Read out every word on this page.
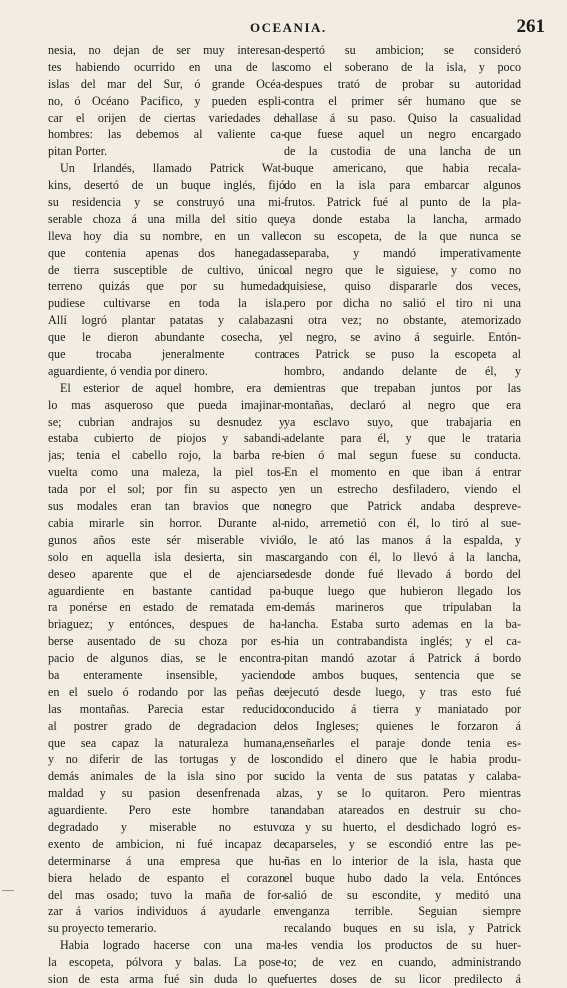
OCEANIA.	261
nesia, no dejan de ser muy interesan-
tes habiendo ocurrido en una de las
islas del mar del Sur, ó grande Océa-
no, ó Océano Pacifico, y pueden espli-
car el orijen de ciertas variedades de
hombres: las debemos al valiente ca-
pitan Porter.
Un Irlandés, llamado Patrick Wat-
kins, desertó de un buque inglés, fijó
su residencia y se construyó una mi-
serable choza á una milla del sitio que
lleva hoy dia su nombre, en un valle
que contenia apenas dos hanegadas
de tierra susceptible de cultivo, único
terreno quizás que por su humedad
pudiese cultivarse en toda la isla.
Allí logró plantar patatas y calabazas
que le dieron abundante cosecha, y
que trocaba jeneralmente contra
aguardiente, ó vendia por dinero.
El esterior de aquel hombre, era de
lo mas asqueroso que pueda imajinar-
se; cubrian andrajos su desnudez y
estaba cubierto de piojos y sabandi-
jas; tenia el cabello rojo, la barba re-
vuelta como una maleza, la piel tos-
tada por el sol; por fin su aspecto y
sus modales eran tan bravios que no
cabia mirarle sin horror. Durante al-
gunos años este sér miserable vivió
solo en aquella isla desierta, sin mas
deseo aparente que el de ajenciarse
aguardiente en bastante cantidad pa-
ra ponérse en estado de rematada em-
briaguez; y entónces, despues de ha-
berse ausentado de su choza por es-
pacio de algunos dias, se le encontra-
ba enteramente insensible, yaciendo
en el suelo ó rodando por las peñas de
las montañas. Parecia estar reducido
al postrer grado de degradacion de
que sea capaz la naturaleza humana,
y no diferir de las tortugas y de los
demás animales de la isla sino por su
maldad y su pasion desenfrenada al
aguardiente. Pero este hombre tan
degradado y miserable no estuvo
exento de ambicion, ni fué incapaz de
determinarse á una empresa que hu-
biera helado de espanto el corazon
del mas osado; tuvo la maña de for-
zar á varios individuos á ayudarle en
su proyecto temerario.
Habia logrado hacerse con una ma-
la escopeta, pólvora y balas. La pose-
sion de esta arma fué sin duda lo que
despertó su ambicion; se consideró
como el soberano de la isla, y poco
despues trató de probar su autoridad
contra el primer sér humano que se
hallase á su paso. Quiso la casualidad
que fuese aquel un negro encargado
de la custodia de una lancha de un
buque americano, que habia recala-
do en la isla para embarcar algunos
frutos. Patrick fué al punto de la pla-
ya donde estaba la lancha, armado
con su escopeta, de la que nunca se
separaba, y mandó imperativamente
al negro que le siguiese, y como no
quisiese, quiso dispararle dos veces,
pero por dicha no salió el tiro ni una
ni otra vez; no obstante, atemorizado
el negro, se avino á seguirle. Entón-
ces Patrick se puso la escopeta al
hombro, andando delante de él, y
mientras que trepaban juntos por las
montañas, declaró al negro que era
ya esclavo suyo, que trabajaria en
adelante para él, y que le trataria
bien ó mal segun fuese su conducta.
En el momento en que iban á entrar
en un estrecho desfiladero, viendo el
negro que Patrick andaba despreve-
nido, arremetió con él, lo tiró al sue-
lo, le ató las manos á la espalda, y
cargando con él, lo llevó á la lancha,
desde donde fué llevado á bordo del
buque luego que hubieron llegado los
demás marineros que tripulaban la
lancha. Estaba surto ademas en la ba-
hia un contrabandista inglés; y el ca-
pitan mandó azotar á Patrick á bordo
de ambos buques, sentencia que se
ejecutó desde luego, y tras esto fué
conducido á tierra y maniatado por
los Ingleses; quienes le forzaron á
enseñarles el paraje donde tenia es-
condido el dinero que le habia produ-
cido la venta de sus patatas y calaba-
zas, y se lo quitaron. Pero mientras
andaban atareados en destruir su cho-
za y su huerto, el desdichado logró es-
caparseles, y se escondió entre las pe-
ñas en lo interior de la isla, hasta que
el buque hubo dado la vela. Entónces
salió de su escondite, y meditó una
venganza terrible. Seguian siempre
recalando buques en su isla, y Patrick
les vendia los productos de su huer-
to; de vez en cuando, administrando
fuertes doses de su licor predilecto á
